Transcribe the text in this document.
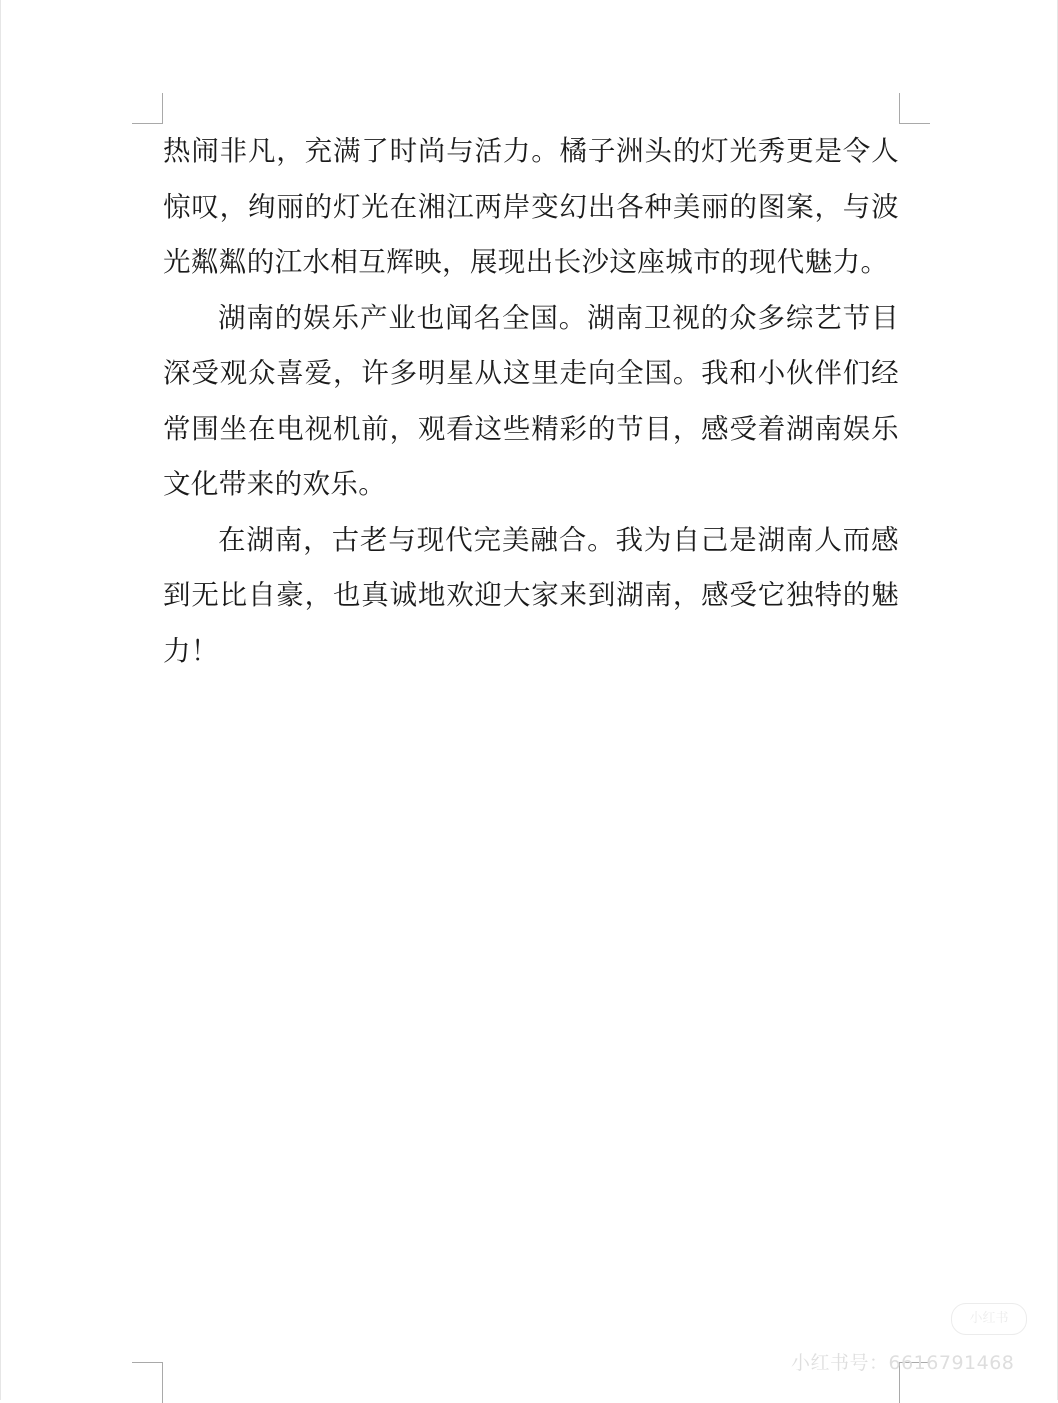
热闹非凡，充满了时尚与活力。橘子洲头的灯光秀更是令人惊叹，绚丽的灯光在湘江两岸变幻出各种美丽的图案，与波光粼粼的江水相互辉映，展现出长沙这座城市的现代魅力。

湖南的娱乐产业也闻名全国。湖南卫视的众多综艺节目深受观众喜爱，许多明星从这里走向全国。我和小伙伴们经常围坐在电视机前，观看这些精彩的节目，感受着湖南娱乐文化带来的欢乐。

在湖南，古老与现代完美融合。我为自己是湖南人而感到无比自豪，也真诚地欢迎大家来到湖南，感受它独特的魅力！

小红书
小红书号：6616791468
